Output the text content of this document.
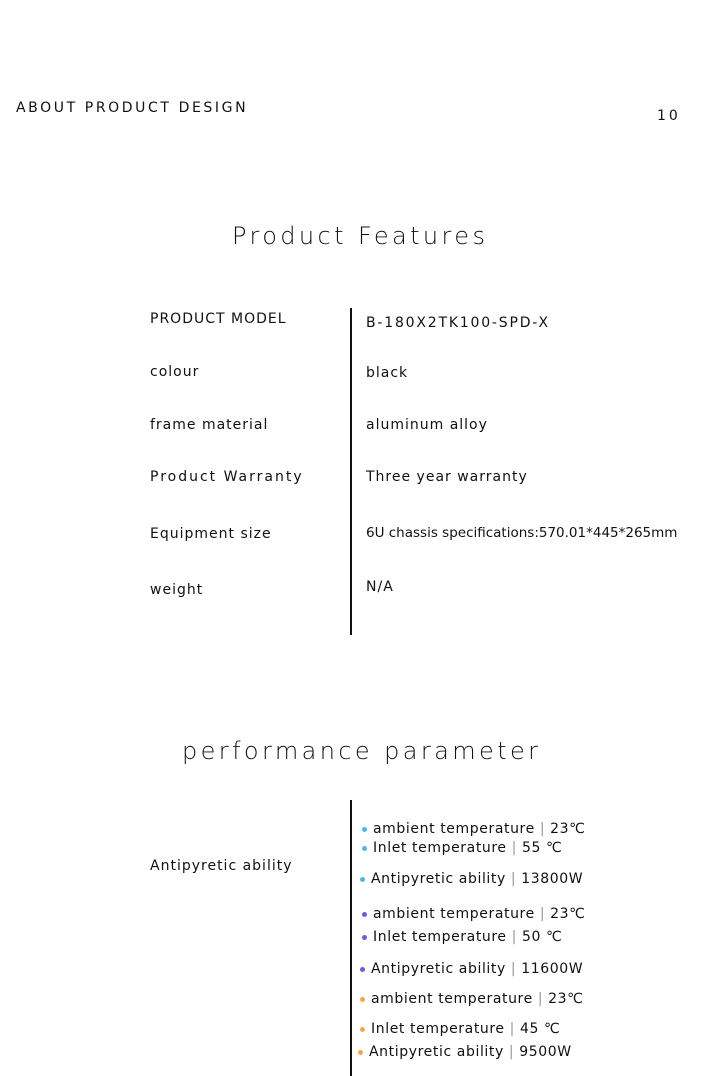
ABOUT PRODUCT DESIGN	10
Product Features
PRODUCT MODEL	B-180X2TK100-SPD-X
colour	black
frame material	aluminum alloy
Product Warranty	Three year warranty
Equipment size	6U chassis specifications:570.01*445*265mm
weight	N/A
performance parameter
Antipyretic ability
ambient temperature | 23℃
Inlet temperature | 55 ℃
Antipyretic ability | 13800W
ambient temperature | 23℃
Inlet temperature | 50 ℃
Antipyretic ability | 11600W
ambient temperature | 23℃
Inlet temperature | 45 ℃
Antipyretic ability | 9500W
